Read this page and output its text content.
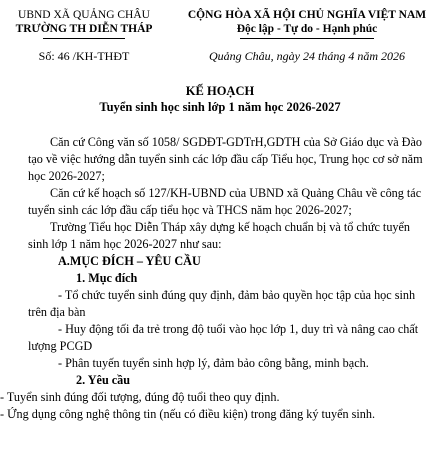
UBND XÃ QUẢNG CHÂU
TRƯỜNG TH DIỄN THÁP
Số: 46 /KH-THĐT
CỘNG HÒA XÃ HỘI CHỦ NGHĨA VIỆT NAM
Độc lập - Tự do - Hạnh phúc
Quảng Châu, ngày 24 tháng 4 năm 2026
KẾ HOẠCH
Tuyển sinh học sinh lớp 1 năm học 2026-2027

Căn cứ Công văn số 1058/ SGDĐT-GDTrH,GDTH của Sở Giáo dục và Đào tạo về việc hướng dẫn tuyển sinh các lớp đầu cấp Tiểu học, Trung học cơ sở năm học 2026-2027;

Căn cứ kế hoạch số 127/KH-UBND của UBND xã Quảng Châu về công tác tuyển sinh các lớp đầu cấp tiểu học và THCS năm học 2026-2027;

Trường Tiểu học Diễn Tháp xây dựng kế hoạch chuẩn bị và tổ chức tuyển sinh lớp 1 năm học 2026-2027 như sau:

A.MỤC ĐÍCH – YÊU CẦU

1. Mục đích

- Tổ chức tuyển sinh đúng quy định, đảm bảo quyền học tập của học sinh trên địa bàn

- Huy động tối đa trẻ trong độ tuổi vào học lớp 1, duy trì và nâng cao chất lượng PCGD

- Phân tuyến tuyển sinh hợp lý, đảm bảo công bằng, minh bạch.

2. Yêu cầu

- Tuyển sinh đúng đối tượng, đúng độ tuổi theo quy định.

- Ứng dụng công nghệ thông tin (nếu có điều kiện) trong đăng ký tuyển sinh.
